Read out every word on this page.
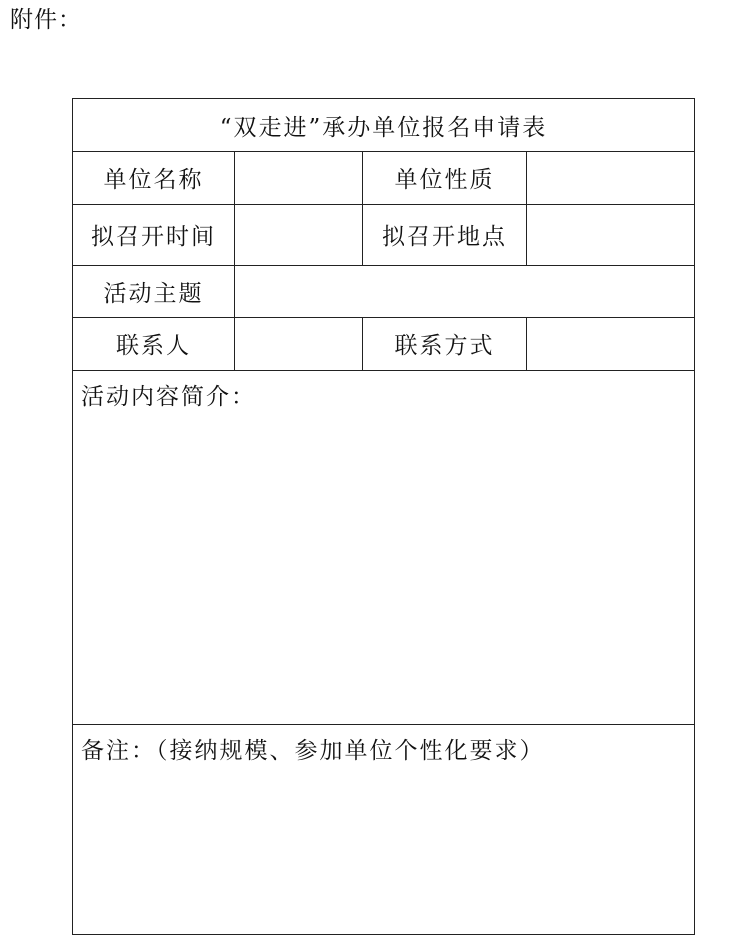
附件：
“双走进”承办单位报名申请表			
单位名称		单位性质	
拟召开时间		拟召开地点	
活动主题			
联系人		联系方式	

活动内容简介：			

备注：（接纳规模、参加单位个性化要求）			
